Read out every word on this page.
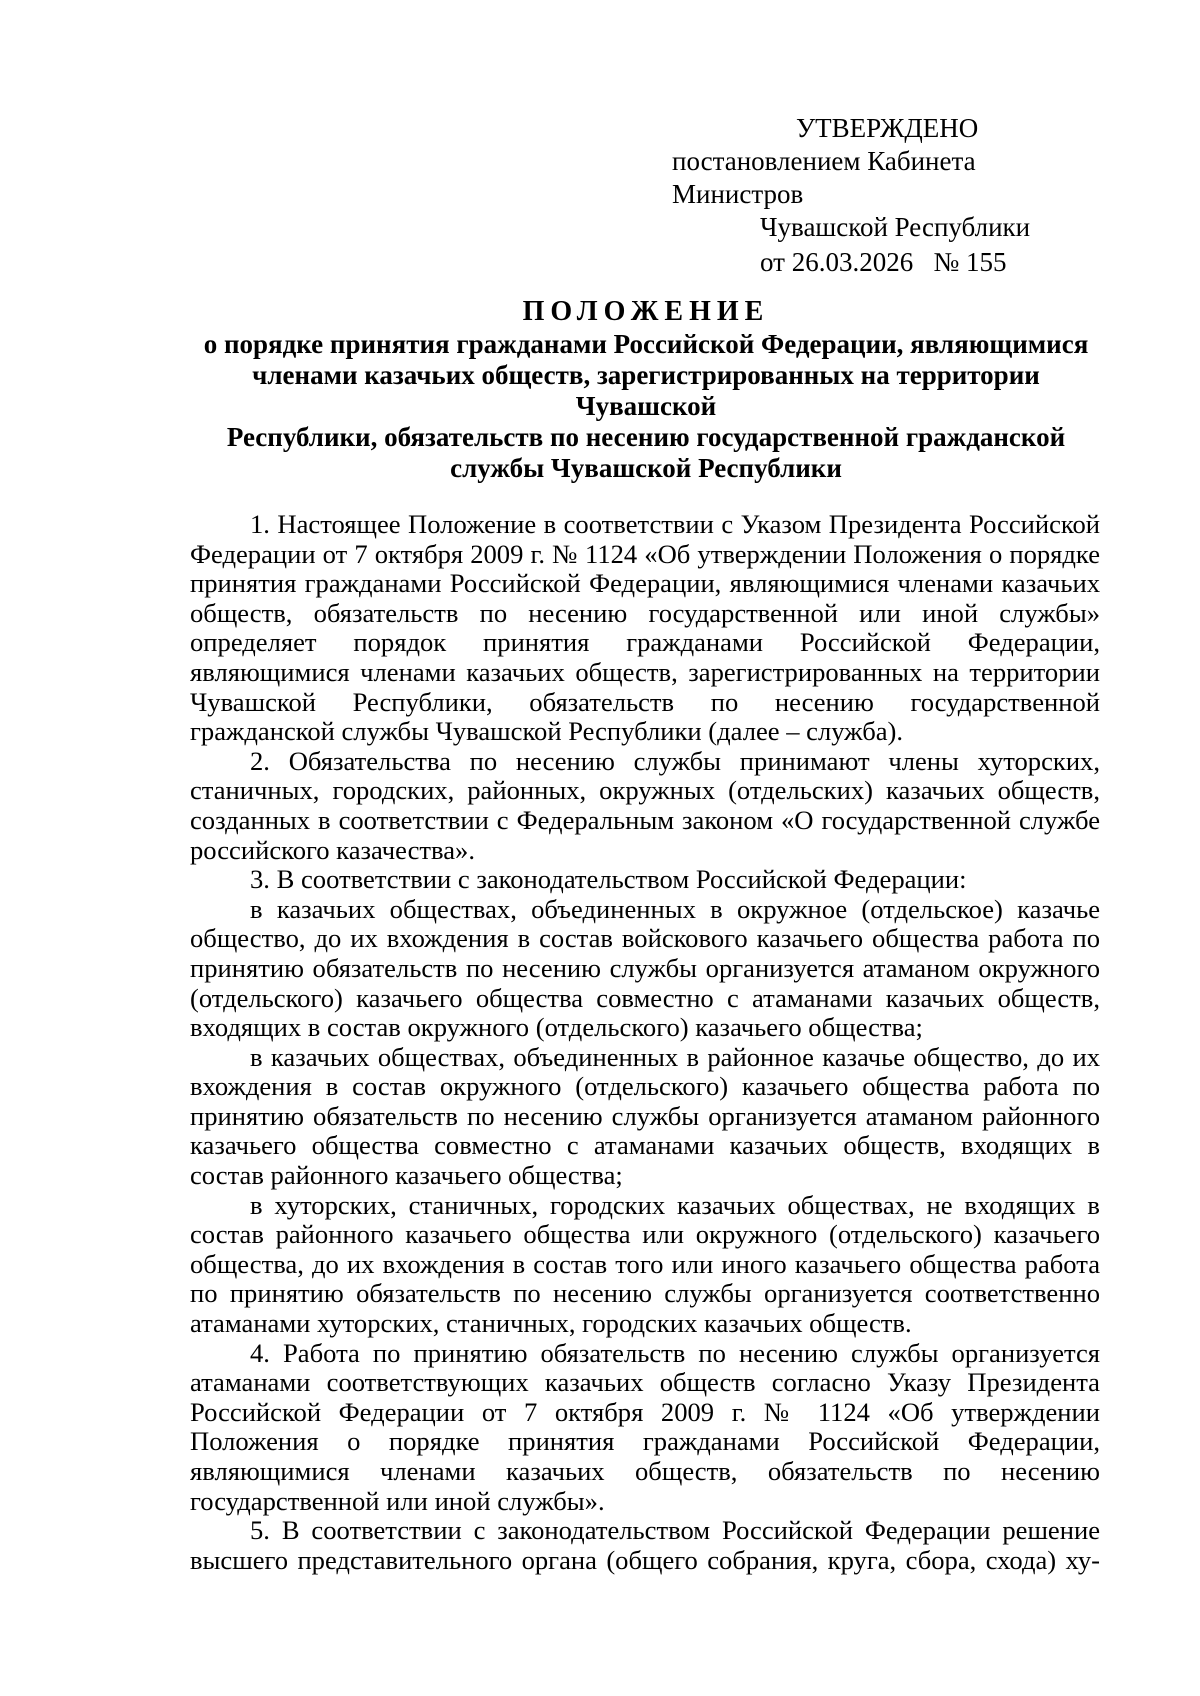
УТВЕРЖДЕНО
постановлением Кабинета Министров
Чувашской Республики
от 26.03.2026   № 155
ПОЛОЖЕНИЕ
о порядке принятия гражданами Российской Федерации, являющимися
членами казачьих обществ, зарегистрированных на территории Чувашской
Республики, обязательств по несению государственной гражданской
службы Чувашской Республики

1. Настоящее Положение в соответствии с Указом Президента Российской Федерации от 7 октября 2009 г. № 1124 «Об утверждении Положения о порядке принятия гражданами Российской Федерации, являющимися членами казачьих обществ, обязательств по несению государственной или иной службы» определяет порядок принятия гражданами Российской Федерации, являющимися членами казачьих обществ, зарегистрированных на территории Чувашской Республики, обязательств по несению государственной гражданской службы Чувашской Республики (далее – служба).

2. Обязательства по несению службы принимают члены хуторских, станичных, городских, районных, окружных (отдельских) казачьих обществ, созданных в соответствии с Федеральным законом «О государственной службе российского казачества».

3. В соответствии с законодательством Российской Федерации:

в казачьих обществах, объединенных в окружное (отдельское) казачье общество, до их вхождения в состав войскового казачьего общества работа по принятию обязательств по несению службы организуется атаманом окружного (отдельского) казачьего общества совместно с атаманами казачьих обществ, входящих в состав окружного (отдельского) казачьего общества;

в казачьих обществах, объединенных в районное казачье общество, до их вхождения в состав окружного (отдельского) казачьего общества работа по принятию обязательств по несению службы организуется атаманом районного казачьего общества совместно с атаманами казачьих обществ, входящих в состав районного казачьего общества;

в хуторских, станичных, городских казачьих обществах, не входящих в состав районного казачьего общества или окружного (отдельского) казачьего общества, до их вхождения в состав того или иного казачьего общества работа по принятию обязательств по несению службы организуется соответственно атаманами хуторских, станичных, городских казачьих обществ.

4. Работа по принятию обязательств по несению службы организуется атаманами соответствующих казачьих обществ согласно Указу Президента Российской Федерации от 7 октября 2009 г. № 1124 «Об утверждении Положения о порядке принятия гражданами Российской Федерации, являющимися членами казачьих обществ, обязательств по несению государственной или иной службы».

5. В соответствии с законодательством Российской Федерации решение высшего представительного органа (общего собрания, круга, сбора, схода) ху-
